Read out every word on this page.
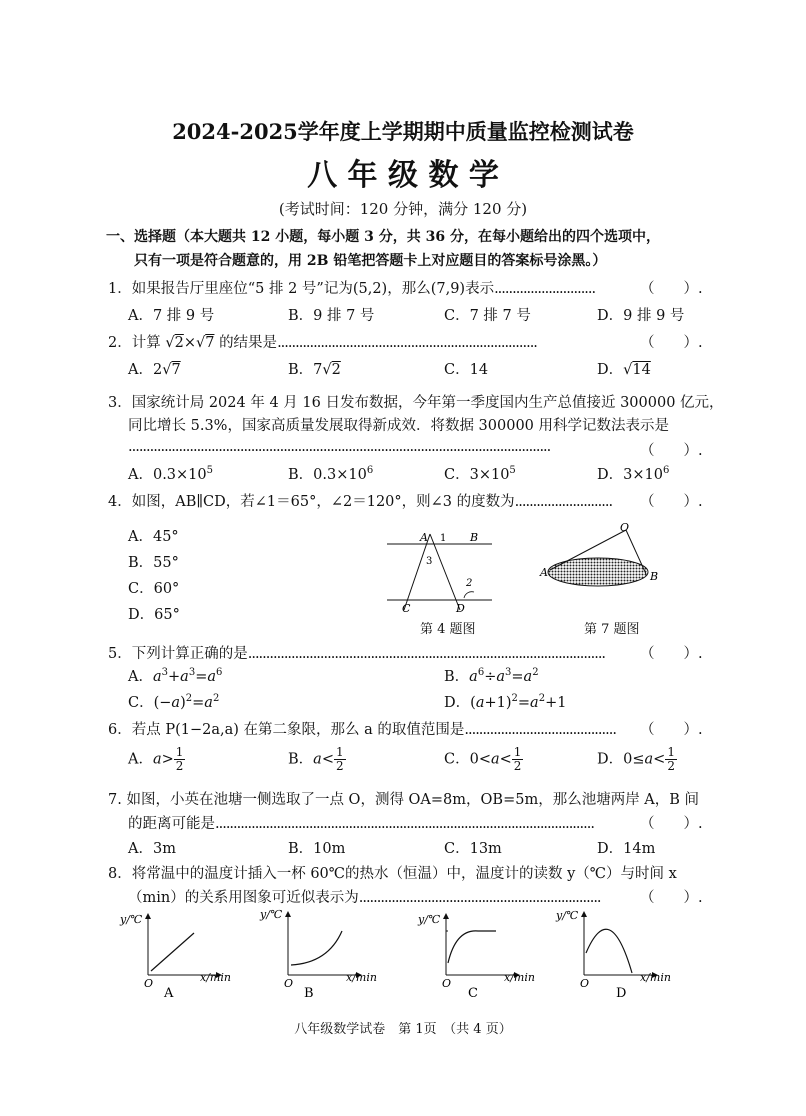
2024-2025学年度上学期期中质量监控检测试卷
八 年 级 数 学
(考试时间：120 分钟，满分 120 分)
一、选择题（本大题共 12 小题，每小题 3 分，共 36 分，在每小题给出的四个选项中，
只有一项是符合题意的，用 2B 铅笔把答题卡上对应题目的答案标号涂黑。）
1．如果报告厅里座位“5 排 2 号”记为(5,2)，那么(7,9)表示............................	（　　）.
A．7 排 9 号	B．9 排 7 号	C．7 排 7 号	D．9 排 9 号
2．计算 √2×√7 的结果是........................................................................	（　　）.
A．2√7	B．7√2	C．14	D．√14
3．国家统计局 2024 年 4 月 16 日发布数据，今年第一季度国内生产总值接近 300000 亿元，
同比增长 5.3%，国家高质量发展取得新成效．将数据 300000 用科学记数法表示是
.....................................................................................................................	（　　）.
A．$0.3\times 10^5$	B．$0.3\times 10^6$	C．$3\times 10^5$	D．$3\times 10^6$
4．如图，AB∥CD，若∠1＝65°，∠2＝120°，则∠3 的度数为........................... （　　）.
A．45°
B．55°
C．60°
D．65°
A 1 B
3
2
C	D
第 4 题图
O
A	B
第 7 题图
5．下列计算正确的是................................................................................................... （　　）.
A．$a^3+a^3=a^6$	B．$a^6\div a^3=a^2$
C．$(-a)^2=a^2$	D．$(a+1)^2=a^2+1$
6．若点 P(1−2a,a) 在第二象限，那么 a 的取值范围是.......................................... （　　）.
A．$a> \frac{1}{2}$	B．$a< \frac{1}{2}$	C．$0<a< \frac{1}{2}$	D．$0\le a< \frac{1}{2}$
7. 如图，小英在池塘一侧选取了一点 O，测得 OA=8m，OB=5m，那么池塘两岸 A，B 间
的距离可能是.........................................................................................................	（　　）.
A．3m	B．10m	C．13m	D．14m
8．将常温中的温度计插入一杯 60℃的热水（恒温）中，温度计的读数 y（℃）与时间 x
（min）的关系用图象可近似表示为...................................................................	（　　）.
y/℃
x/min
O
A
y/℃
x/min
O
B
y/℃
x/min
O
C
y/℃
x/min
O
D
八年级数学试卷　第 1页　（共 4 页）
